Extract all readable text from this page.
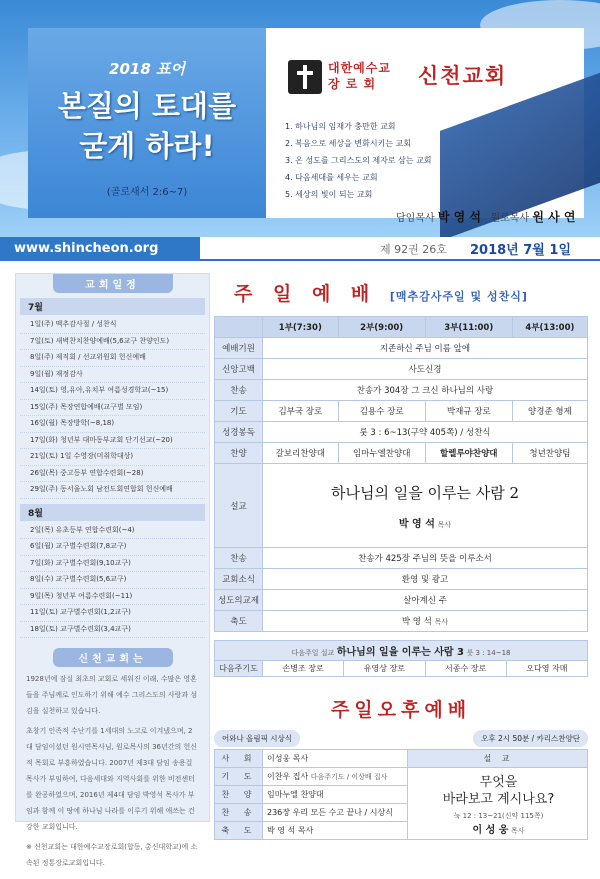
2018 표어
본질의 토대를
굳게 하라!
(골로새서 2:6~7)
대한예수교
장 로 회	신천교회
1. 하나님의 임재가 충만한 교회
2. 복음으로 세상을 변화시키는 교회
3. 온 성도를 그리스도의 제자로 삼는 교회
4. 다음세대를 세우는 교회
5. 세상의 빛이 되는 교회
담임목사 박 영 석 원로목사 원 사 연
www.shincheon.org	제 92권 26호 2018년 7월 1일
교회일정
7월
1일(주) 맥추감사절 / 성찬식
7일(토) 새벽찬치찬양예배(5,6교구 찬양인도)
8일(주) 제직회 / 선교위원회 헌신예배
9일(월) 재정감사
14일(토) 영,유아,유치부 여름성경학교(~15)
15일(주) 목장연합예배(교구별 모임)
16일(월) 목장방학(~8,18)
17일(화) 청년부 대마동부교회 단기선교(~20)
21일(토) 1일 수영장(미취학대상)
26일(목) 중고등부 연합수련회(~28)
29일(주) 동서울노회 남전도회연합회 헌신예배
8월
2일(목) 유초등부 연합수련회(~4)
6일(월) 교구별수련회(7,8교구)
7일(화) 교구별수련회(9,10교구)
8일(수) 교구별수련회(5,6교구)
9일(목) 청년부 여름수련회(~11)
11일(토) 교구별수련회(1,2교구)
18일(토) 교구별수련회(3,4교구)
신천교회는

1928년에 잠실 최초의 교회로 세워진 이래, 수많은 영혼들을 주님께로 인도하기 위해 예수 그리스도의 사랑과 섬김을 실천하고 있습니다.

초창기 인족적 수난기를 1세대의 노고로 이겨냈으며, 2대 담임이셨던 원시연목사님, 원로목사의 36년간의 헌신적 목회로 부흥하였습니다. 2007년 제3대 담임 송용걸목사가 부임하여, 다음세대와 지역사회를 위한 비전센터를 완공하였으며, 2016년 제4대 담임 박영석 목사가 부임과 함께 이 땅에 하나님 나라를 이루기 위해 애쓰는 건강한 교회입니다.

※ 신천교회는 대한예수교장로회(합동, 총신대학교)에 소속된 정통장로교회입니다.

주 일 예 배 [맥추감사주일 및 성찬식]
	1부(7:30)	2부(9:00)	3부(11:00)	4부(13:00)
예배기원	지존하신 주님 이름 앞에			
신앙고백	사도신경			
찬송	찬송가 304장 그 크신 하나님의 사랑			
기도	김부국 장로	김용수 장로	박재규 장로	양경준 형제
성경봉독	룻 3 : 6~13(구약 405쪽) / 성찬식			
찬양	갈보리찬양대	임마누엘찬양대	할렐루야찬양대	청년찬양팀
설교	하나님의 일을 이루는 사람 2
박 영 석 목사			

찬송	찬송가 425장 주님의 뜻을 이루소서			
교회소식	환영 및 광고			
성도의교제	살아계신 주			
축도	박 영 석 목사			
다음주일 설교 하나님의 일을 이루는 사람 3 룻 3 : 14~18
다음주기도	손병조 장로	유영상 장로	서종수 장로	오다영 자매
주일오후예배
어와나 올림픽 시상식	오후 2시 50분 / 카리스찬양단
사 회	이성웅 목사	설 교
기 도	이찬우 집사 다음주기도 / 이상배 집사	무엇을
바라보고 계시나요?
눅 12 : 13~21(신약 115쪽)
이 성 웅 목사

찬 양	임마누엘 찬양대	
찬 송	236장 우리 모든 수고 끝나 / 시상식	
축 도	박 영 석 목사	
